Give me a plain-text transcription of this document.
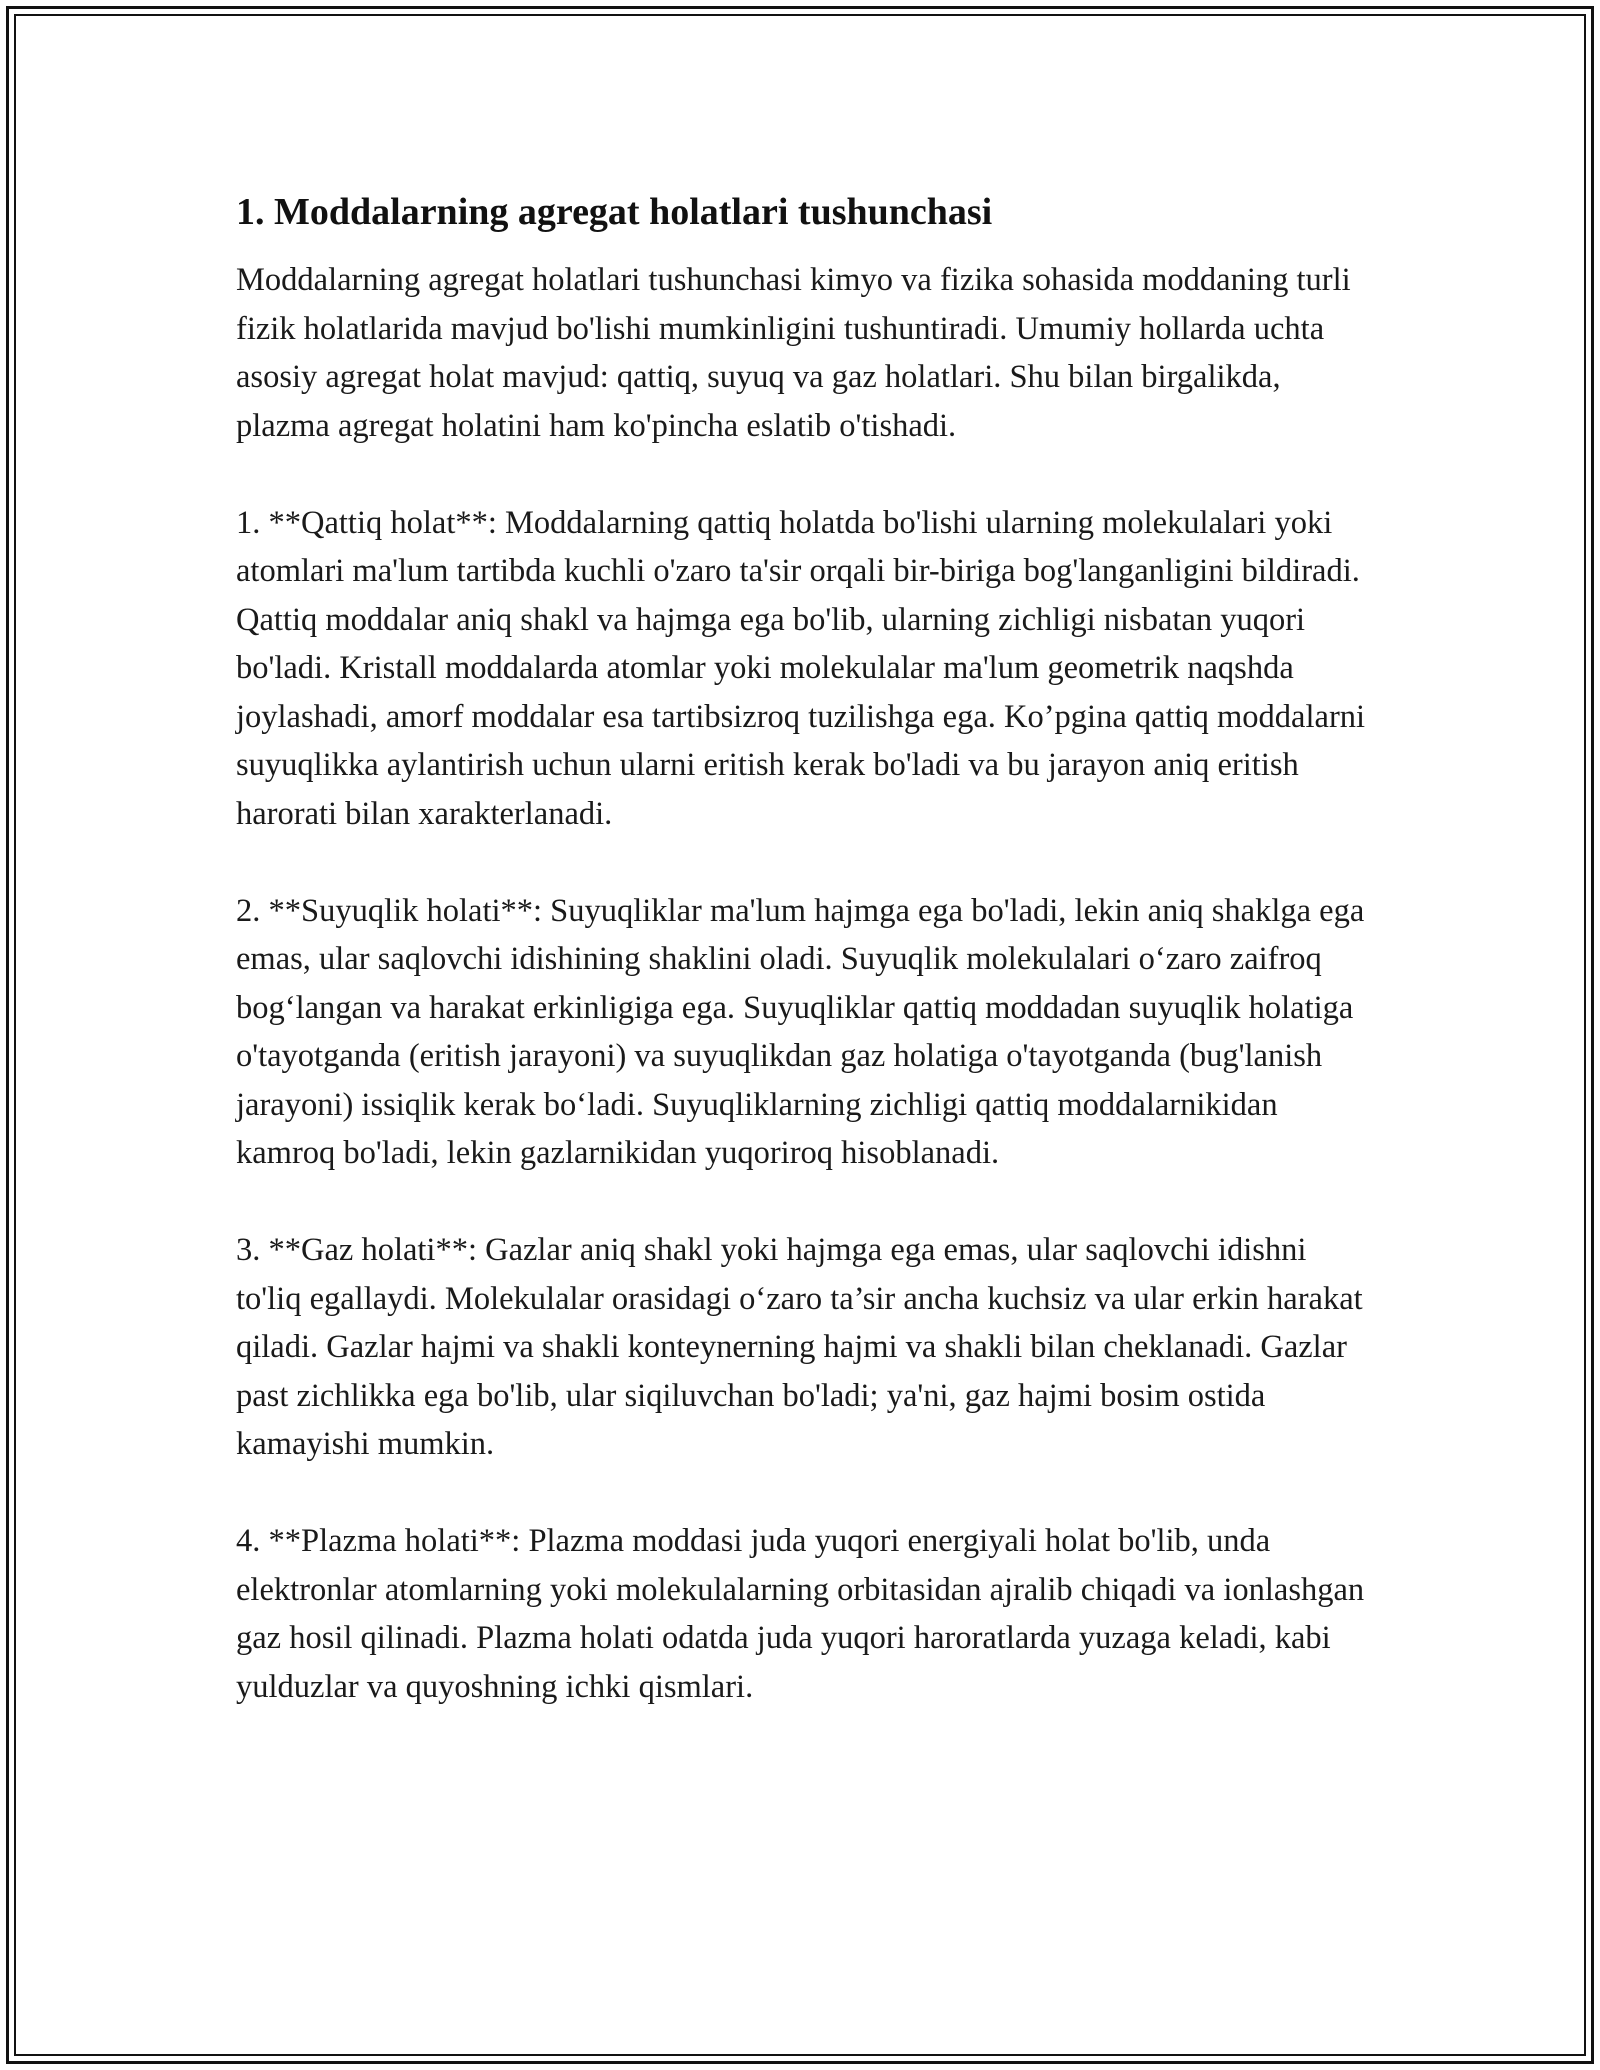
1. Moddalarning agregat holatlari tushunchasi

Moddalarning agregat holatlari tushunchasi kimyo va fizika sohasida moddaning turli fizik holatlarida mavjud bo'lishi mumkinligini tushuntiradi. Umumiy hollarda uchta asosiy agregat holat mavjud: qattiq, suyuq va gaz holatlari. Shu bilan birgalikda, plazma agregat holatini ham ko'pincha eslatib o'tishadi.

1. **Qattiq holat**: Moddalarning qattiq holatda bo'lishi ularning molekulalari yoki atomlari ma'lum tartibda kuchli o'zaro ta'sir orqali bir-biriga bog'langanligini bildiradi. Qattiq moddalar aniq shakl va hajmga ega bo'lib, ularning zichligi nisbatan yuqori bo'ladi. Kristall moddalarda atomlar yoki molekulalar ma'lum geometrik naqshda joylashadi, amorf moddalar esa tartibsizroq tuzilishga ega. Ko’pgina qattiq moddalarni suyuqlikka aylantirish uchun ularni eritish kerak bo'ladi va bu jarayon aniq eritish harorati bilan xarakterlanadi.

2. **Suyuqlik holati**: Suyuqliklar ma'lum hajmga ega bo'ladi, lekin aniq shaklga ega emas, ular saqlovchi idishining shaklini oladi. Suyuqlik molekulalari o‘zaro zaifroq bog‘langan va harakat erkinligiga ega. Suyuqliklar qattiq moddadan suyuqlik holatiga o'tayotganda (eritish jarayoni) va suyuqlikdan gaz holatiga o'tayotganda (bug'lanish jarayoni) issiqlik kerak bo‘ladi. Suyuqliklarning zichligi qattiq moddalarnikidan kamroq bo'ladi, lekin gazlarnikidan yuqoriroq hisoblanadi.

3. **Gaz holati**: Gazlar aniq shakl yoki hajmga ega emas, ular saqlovchi idishni to'liq egallaydi. Molekulalar orasidagi o‘zaro ta’sir ancha kuchsiz va ular erkin harakat qiladi. Gazlar hajmi va shakli konteynerning hajmi va shakli bilan cheklanadi. Gazlar past zichlikka ega bo'lib, ular siqiluvchan bo'ladi; ya'ni, gaz hajmi bosim ostida kamayishi mumkin.

4. **Plazma holati**: Plazma moddasi juda yuqori energiyali holat bo'lib, unda elektronlar atomlarning yoki molekulalarning orbitasidan ajralib chiqadi va ionlashgan gaz hosil qilinadi. Plazma holati odatda juda yuqori haroratlarda yuzaga keladi, kabi yulduzlar va quyoshning ichki qismlari.
